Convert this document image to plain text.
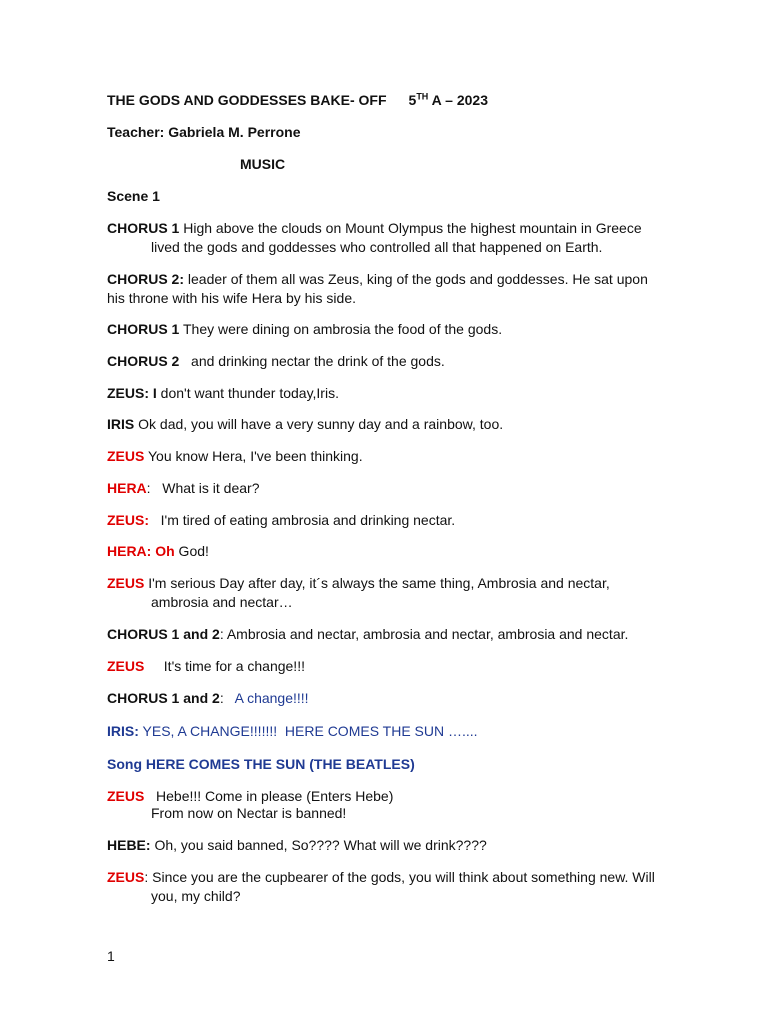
THE GODS AND GODDESSES BAKE- OFF 5TH A – 2023
Teacher: Gabriela M. Perrone
MUSIC
Scene 1
CHORUS 1 High above the clouds on Mount Olympus the highest mountain in Greece
lived the gods and goddesses who controlled all that happened on Earth.
CHORUS 2: leader of them all was Zeus, king of the gods and goddesses. He sat upon
his throne with his wife Hera by his side.
CHORUS 1 They were dining on ambrosia the food of the gods.
CHORUS 2   and drinking nectar the drink of the gods.
ZEUS: I don't want thunder today,Iris.
IRIS Ok dad, you will have a very sunny day and a rainbow, too.
ZEUS You know Hera, I've been thinking.
HERA:   What is it dear?
ZEUS:   I'm tired of eating ambrosia and drinking nectar.
HERA: Oh God!
ZEUS I'm serious Day after day, it´s always the same thing, Ambrosia and nectar,
ambrosia and nectar…
CHORUS 1 and 2: Ambrosia and nectar, ambrosia and nectar, ambrosia and nectar.
ZEUS     It's time for a change!!!
CHORUS 1 and 2:   A change!!!!
IRIS: YES, A CHANGE!!!!!!!  HERE COMES THE SUN …....
Song HERE COMES THE SUN (THE BEATLES)
ZEUS   Hebe!!! Come in please (Enters Hebe)
From now on Nectar is banned!
HEBE: Oh, you said banned, So???? What will we drink????
ZEUS: Since you are the cupbearer of the gods, you will think about something new. Will
you, my child?
1
